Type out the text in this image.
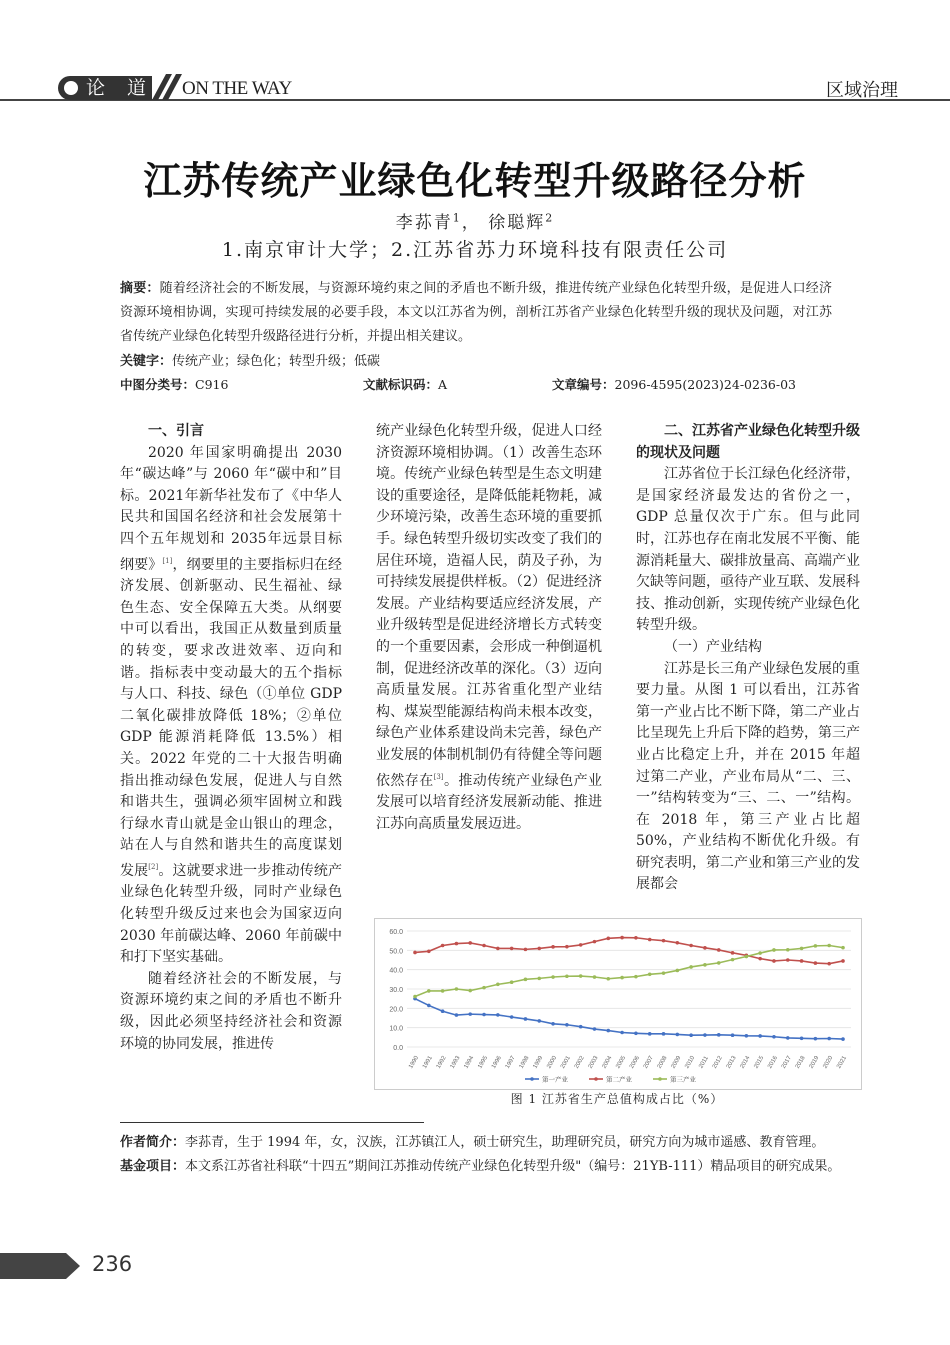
论 道 ON THE WAY	区域治理
江苏传统产业绿色化转型升级路径分析
李荪青$^1$， 徐聪辉$^2$
1.南京审计大学；2.江苏省苏力环境科技有限责任公司
摘要：随着经济社会的不断发展，与资源环境约束之间的矛盾也不断升级，推进传统产业绿色化转型升级，是促进人口经济资源环境相协调，实现可持续发展的必要手段，本文以江苏省为例，剖析江苏省产业绿色化转型升级的现状及问题，对江苏省传统产业绿色化转型升级路径进行分析，并提出相关建议。
关键字：传统产业；绿色化；转型升级；低碳
中图分类号：C916	文献标识码：A	文章编号：2096-4595(2023)24-0236-03
一、引言

2020 年国家明确提出 2030 年“碳达峰”与 2060 年“碳中和”目标。2021年新华社发布了《中华人民共和国国名经济和社会发展第十四个五年规划和 2035年远景目标纲要》[1]，纲要里的主要指标归在经济发展、创新驱动、民生福祉、绿色生态、安全保障五大类。从纲要中可以看出，我国正从数量到质量的转变，要求改进效率、迈向和谐。指标表中变动最大的五个指标与人口、科技、绿色（①单位 GDP 二氧化碳排放降低 18%；②单位 GDP 能源消耗降低 13.5%）相关。2022 年党的二十大报告明确指出推动绿色发展，促进人与自然和谐共生，强调必须牢固树立和践行绿水青山就是金山银山的理念，站在人与自然和谐共生的高度谋划发展[2]。这就要求进一步推动传统产业绿色化转型升级，同时产业绿色化转型升级反过来也会为国家迈向 2030 年前碳达峰、2060 年前碳中和打下坚实基础。

随着经济社会的不断发展，与资源环境约束之间的矛盾也不断升级，因此必须坚持经济社会和资源环境的协同发展，推进传

统产业绿色化转型升级，促进人口经济资源环境相协调。（1）改善生态环境。传统产业绿色转型是生态文明建设的重要途径，是降低能耗物耗，减少环境污染，改善生态环境的重要抓手。绿色转型升级切实改变了我们的居住环境，造福人民，荫及子孙，为可持续发展提供样板。（2）促进经济发展。产业结构要适应经济发展，产业升级转型是促进经济增长方式转变的一个重要因素，会形成一种倒逼机制，促进经济改革的深化。（3）迈向高质量发展。江苏省重化型产业结构、煤炭型能源结构尚未根本改变，绿色产业体系建设尚未完善，绿色产业发展的体制机制仍有待健全等问题依然存在[3]。推动传统产业绿色产业发展可以培育经济发展新动能、推进江苏向高质量发展迈进。

二、江苏省产业绿色化转型升级的现状及问题

江苏省位于长江绿色化经济带，是国家经济最发达的省份之一，GDP 总量仅次于广东。但与此同时，江苏也存在南北发展不平衡、能源消耗量大、碳排放量高、高端产业欠缺等问题，亟待产业互联、发展科技、推动创新，实现传统产业绿色化转型升级。

（一）产业结构

江苏是长三角产业绿色发展的重要力量。从图 1 可以看出，江苏省第一产业占比不断下降，第二产业占比呈现先上升后下降的趋势，第三产业占比稳定上升，并在 2015 年超过第二产业，产业布局从“二、三、一”结构转变为“三、二、一”结构。在 2018 年，第三产业占比超 50%，产业结构不断优化升级。有研究表明，第二产业和第三产业的发展都会

0.0
10.0
20.0
30.0
40.0
50.0
60.0
1990 1991 1992 1993 1994 1995 1996 1997 1998 1999 2000 2001 2002 2003 2004 2005 2006 2007 2008 2009 2010 2011 2012 2013 2014 2015 2016 2017 2018 2019 2020 2021
第一产业	第二产业	第三产业
图 1 江苏省生产总值构成占比（%）

作者简介：李荪青，生于 1994 年，女，汉族，江苏镇江人，硕士研究生，助理研究员，研究方向为城市遥感、教育管理。

基金项目：本文系江苏省社科联“十四五”期间江苏推动传统产业绿色化转型升级"（编号：21YB-111）精品项目的研究成果。

236
